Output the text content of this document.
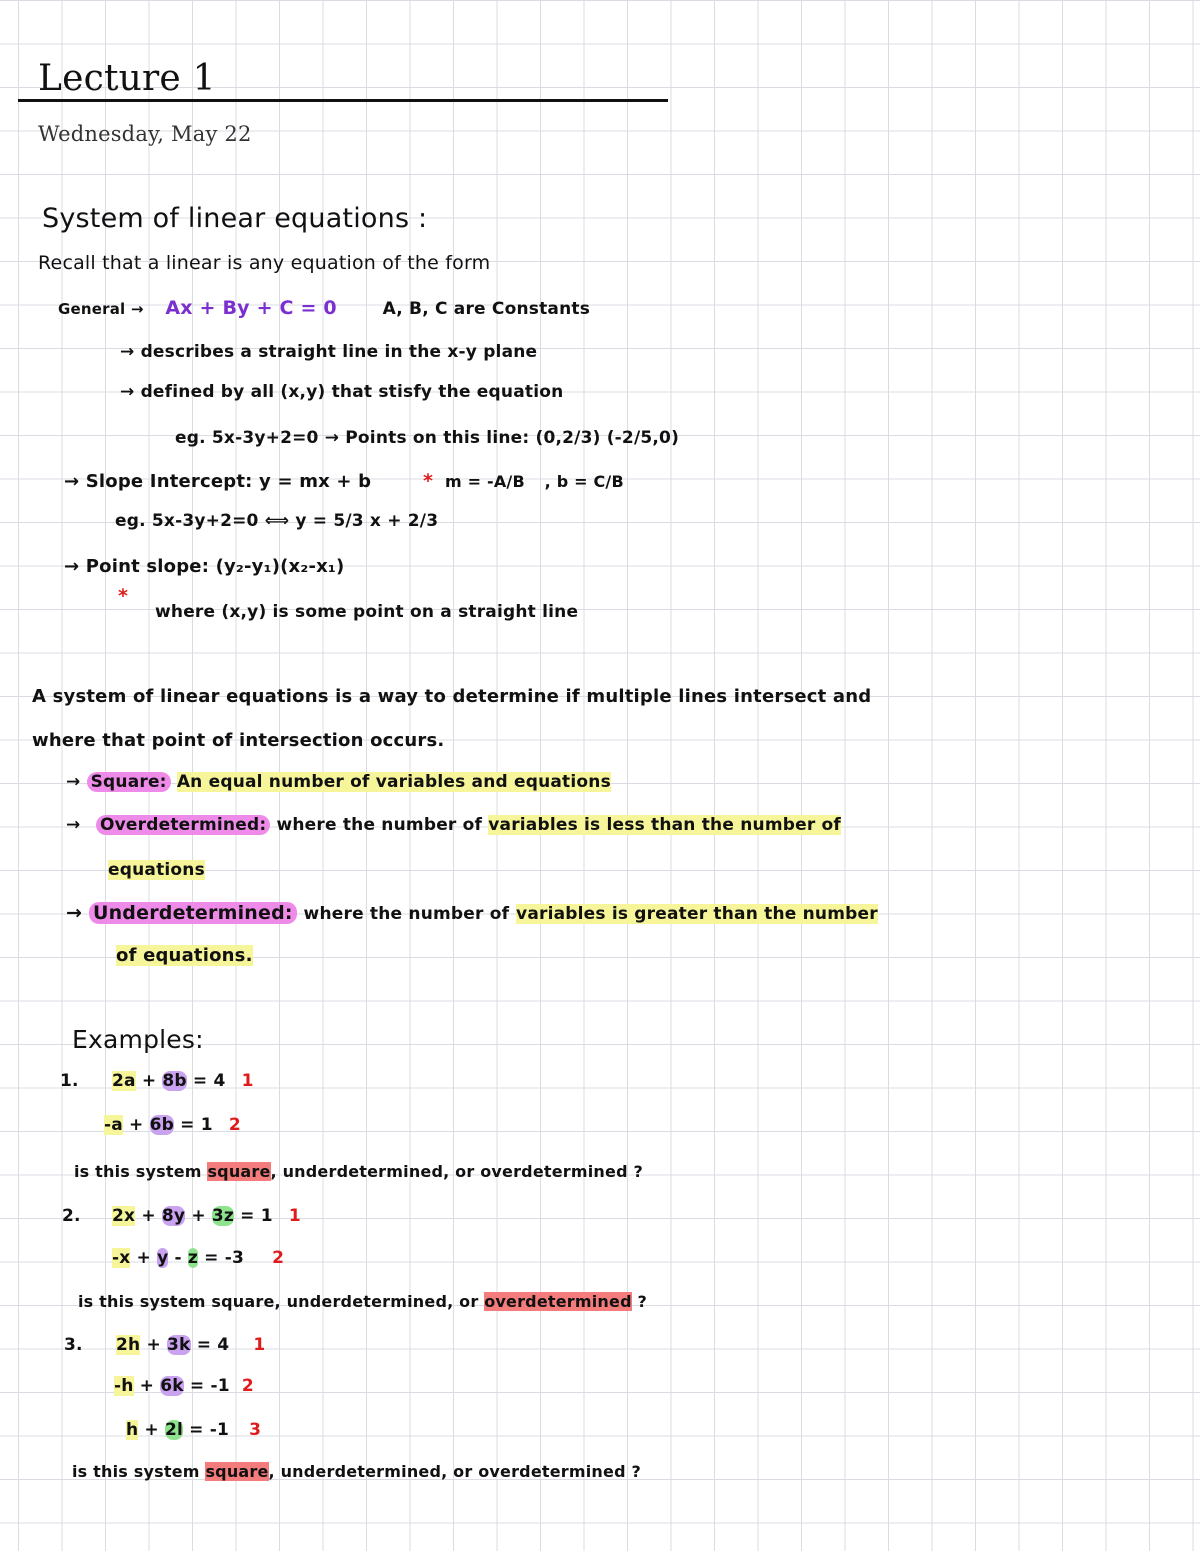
Lecture 1
Wednesday, May 22
System of linear equations :
Recall that a linear is any equation of the form
General → Ax + By + C = 0	A, B, C are Constants
→ describes a straight line in the x-y plane
→ defined by all (x,y) that stisfy the equation
eg. 5x-3y+2=0 → Points on this line: (0,2/3) (-2/5,0)
→ Slope Intercept: y = mx + b	* m = -A/B , b = C/B
eg. 5x-3y+2=0 ⟺ y = 5/3 x + 2/3
→ Point slope: (y₂-y₁)(x₂-x₁)
*
where (x,y) is some point on a straight line
A system of linear equations is a way to determine if multiple lines intersect and
where that point of intersection occurs.
→ Square: An equal number of variables and equations
→ Overdetermined: where the number of variables is less than the number of
equations
→ Underdetermined: where the number of variables is greater than the number
of equations.
Examples:
1. 2a + 8b = 4 1
-a + 6b = 1 2
is this system square, underdetermined, or overdetermined ?
2. 2x + 8y + 3z = 1 1
-x + y - z = -3 2
is this system square, underdetermined, or overdetermined ?
3. 2h + 3k = 4 1
-h + 6k = -1 2
h + 2l = -1 3
is this system square, underdetermined, or overdetermined ?
